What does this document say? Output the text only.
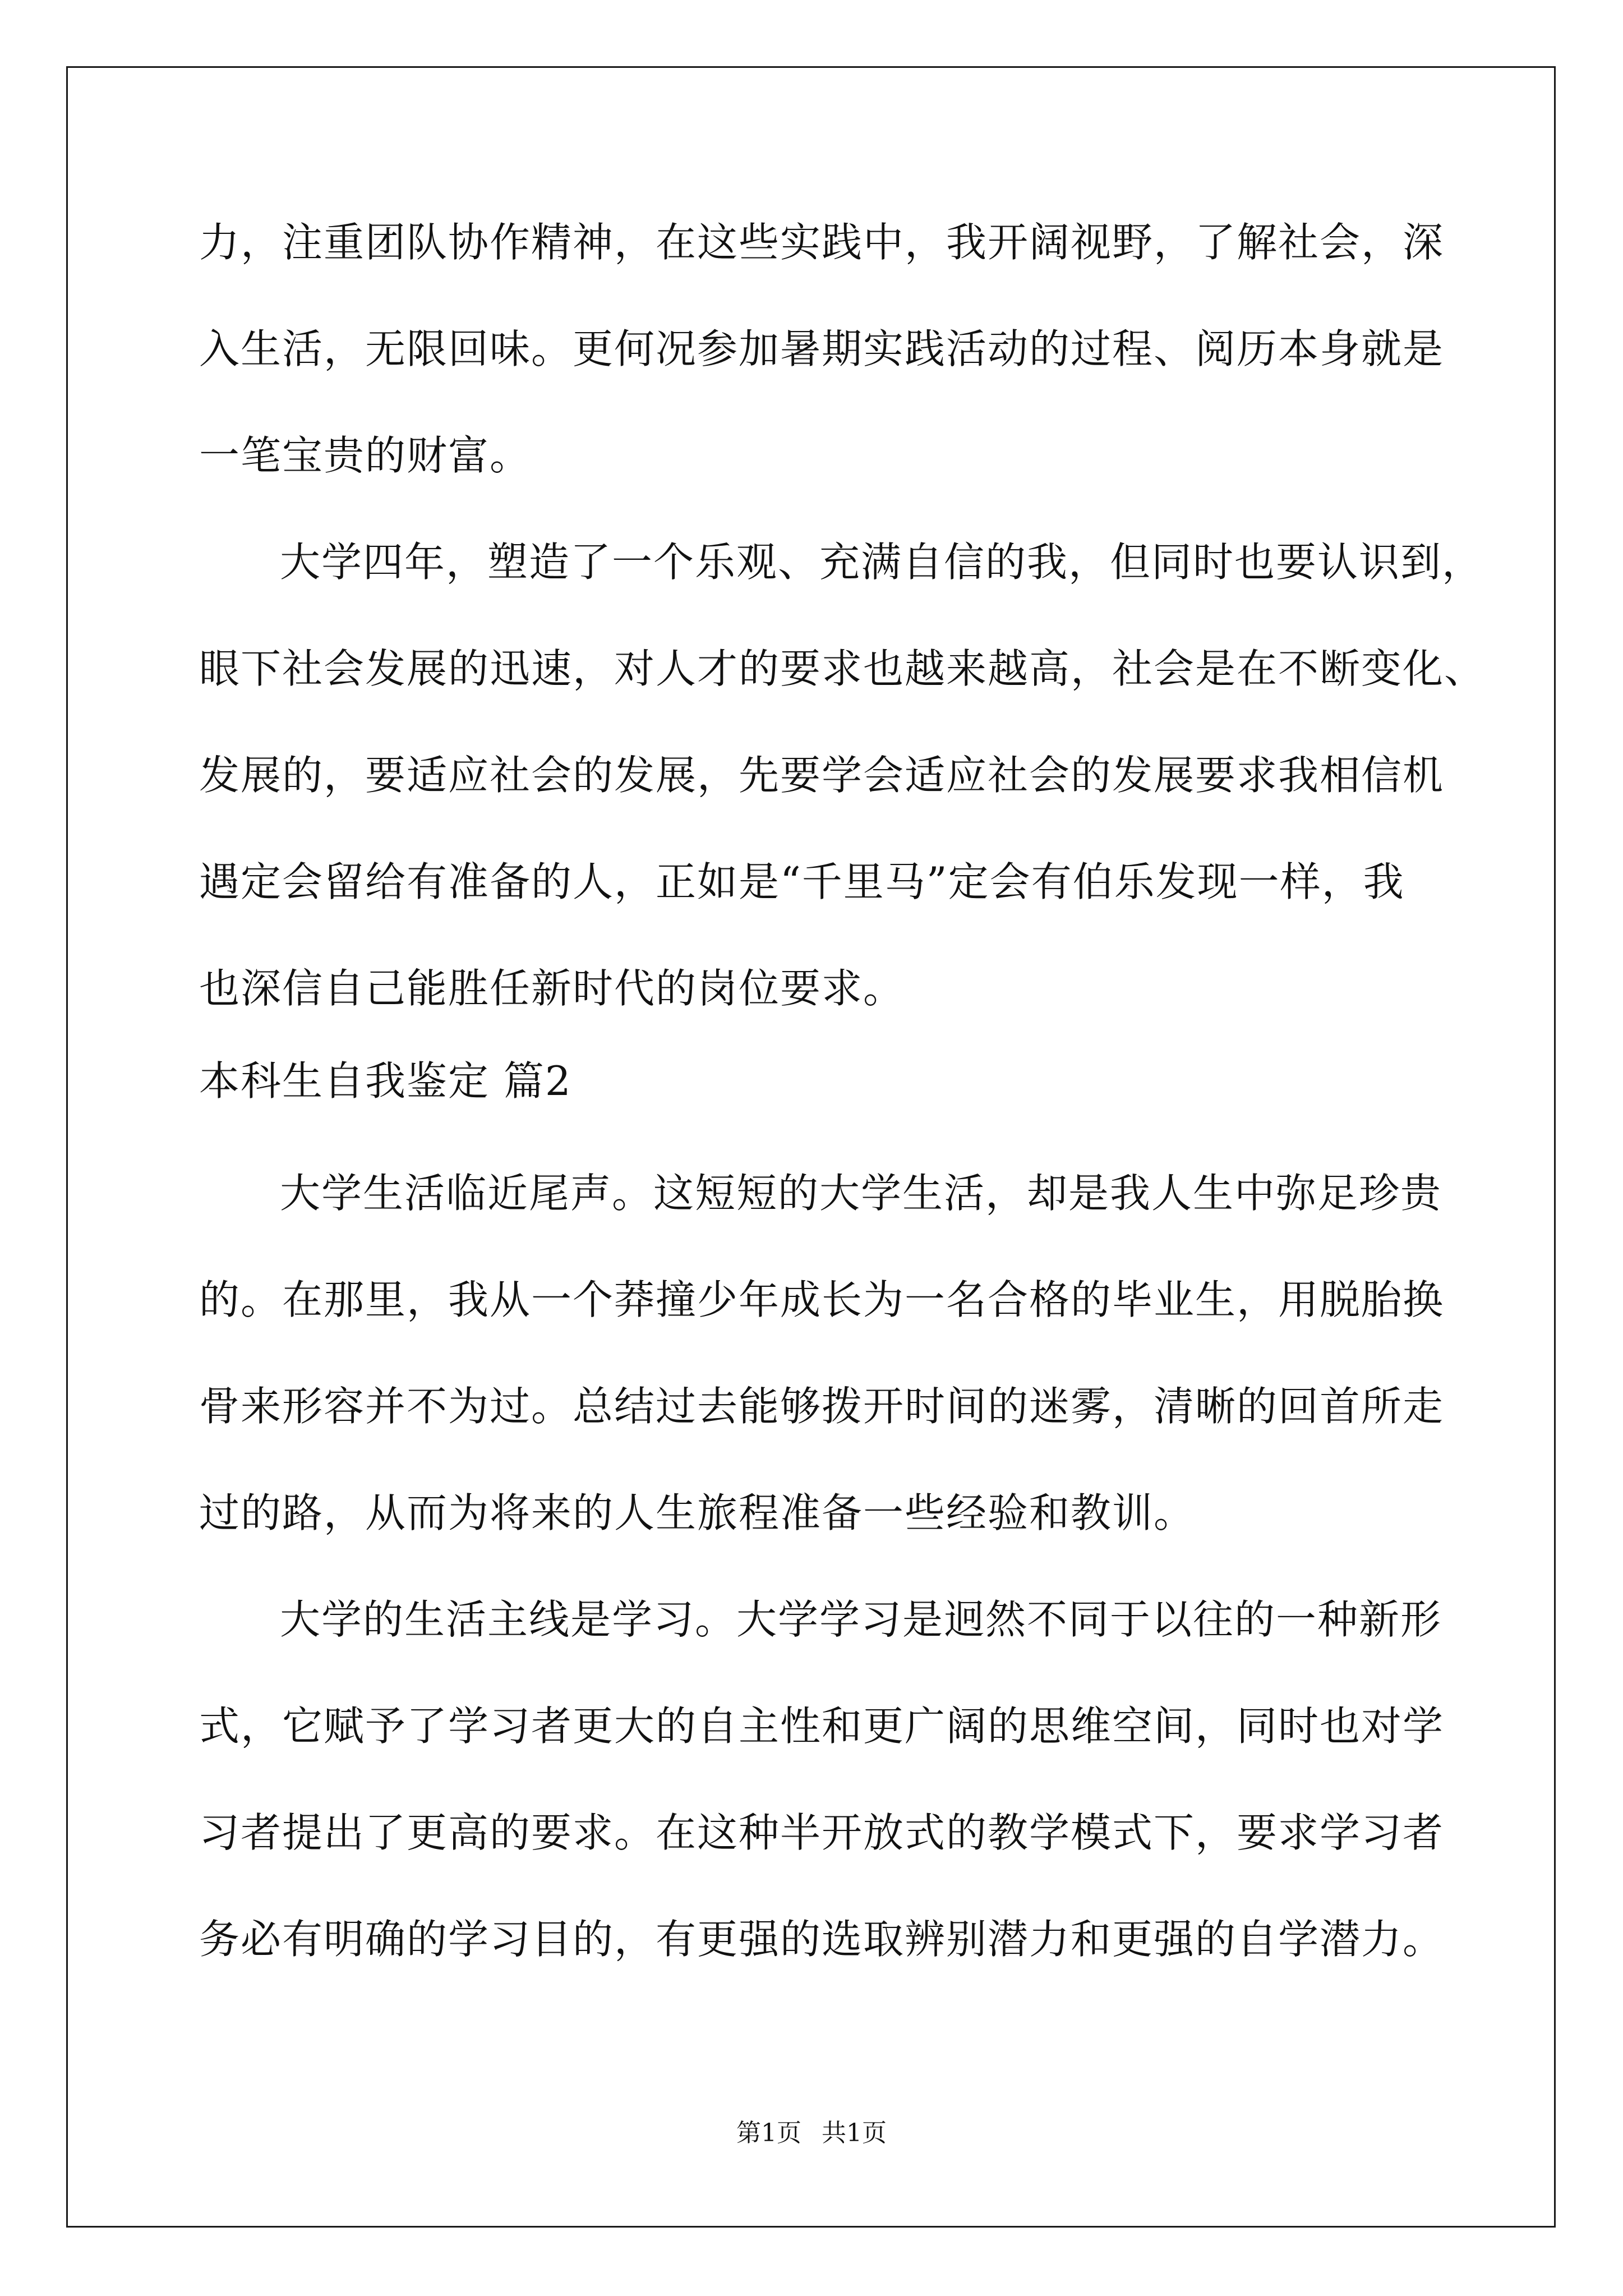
力，注重团队协作精神，在这些实践中，我开阔视野，了解社会，深

入生活，无限回味。更何况参加暑期实践活动的过程、阅历本身就是

一笔宝贵的财富。

大学四年，塑造了一个乐观、充满自信的我，但同时也要认识到，

眼下社会发展的迅速，对人才的要求也越来越高，社会是在不断变化、

发展的，要适应社会的发展，先要学会适应社会的发展要求我相信机

遇定会留给有准备的人，正如是“千里马”定会有伯乐发现一样，我

也深信自己能胜任新时代的岗位要求。

本科生自我鉴定 篇2

大学生活临近尾声。这短短的大学生活，却是我人生中弥足珍贵

的。在那里，我从一个莽撞少年成长为一名合格的毕业生，用脱胎换

骨来形容并不为过。总结过去能够拨开时间的迷雾，清晰的回首所走

过的路，从而为将来的人生旅程准备一些经验和教训。

大学的生活主线是学习。大学学习是迥然不同于以往的一种新形

式，它赋予了学习者更大的自主性和更广阔的思维空间，同时也对学

习者提出了更高的要求。在这种半开放式的教学模式下，要求学习者

务必有明确的学习目的，有更强的选取辨别潜力和更强的自学潜力。

第1页 共1页
